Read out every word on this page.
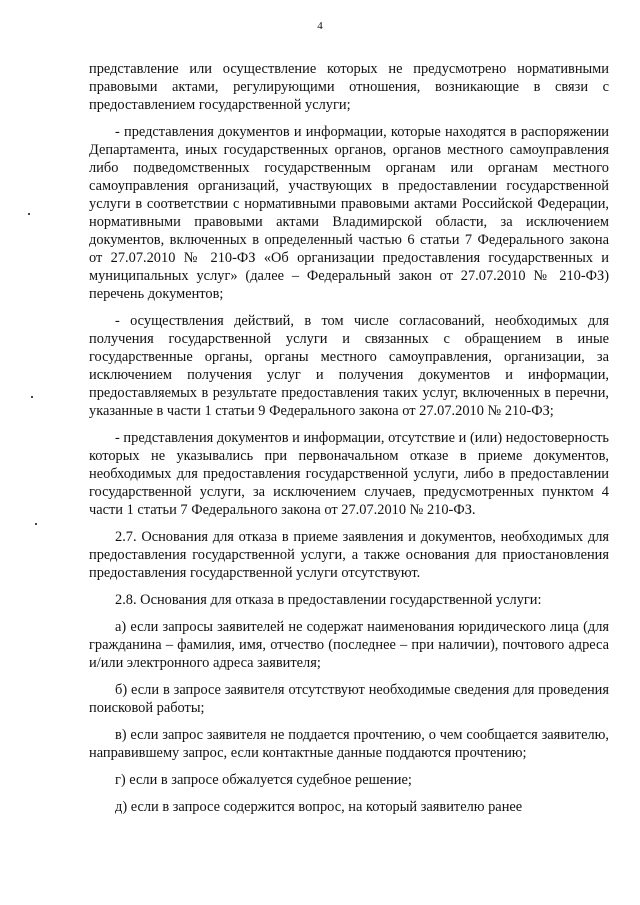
4

представление или осуществление которых не предусмотрено нормативными правовыми актами, регулирующими отношения, возникающие в связи с предоставлением государственной услуги;

- представления документов и информации, которые находятся в распоряжении Департамента, иных государственных органов, органов местного самоуправления либо подведомственных государственным органам или органам местного самоуправления организаций, участвующих в предоставлении государственной услуги в соответствии с нормативными правовыми актами Российской Федерации, нормативными правовыми актами Владимирской области, за исключением документов, включенных в определенный частью 6 статьи 7 Федерального закона от 27.07.2010 № 210-ФЗ «Об организации предоставления государственных и муниципальных услуг» (далее – Федеральный закон от 27.07.2010 № 210-ФЗ) перечень документов;

- осуществления действий, в том числе согласований, необходимых для получения государственной услуги и связанных с обращением в иные государственные органы, органы местного самоуправления, организации, за исключением получения услуг и получения документов и информации, предоставляемых в результате предоставления таких услуг, включенных в перечни, указанные в части 1 статьи 9 Федерального закона от 27.07.2010 № 210-ФЗ;

- представления документов и информации, отсутствие и (или) недостоверность которых не указывались при первоначальном отказе в приеме документов, необходимых для предоставления государственной услуги, либо в предоставлении государственной услуги, за исключением случаев, предусмотренных пунктом 4 части 1 статьи 7 Федерального закона от 27.07.2010 № 210-ФЗ.

2.7. Основания для отказа в приеме заявления и документов, необходимых для предоставления государственной услуги, а также основания для приостановления предоставления государственной услуги отсутствуют.

2.8. Основания для отказа в предоставлении государственной услуги:

а) если запросы заявителей не содержат наименования юридического лица (для гражданина – фамилия, имя, отчество (последнее – при наличии), почтового адреса и/или электронного адреса заявителя;

б) если в запросе заявителя отсутствуют необходимые сведения для проведения поисковой работы;

в) если запрос заявителя не поддается прочтению, о чем сообщается заявителю, направившему запрос, если контактные данные поддаются прочтению;

г) если в запросе обжалуется судебное решение;

д) если в запросе содержится вопрос, на который заявителю ранее
